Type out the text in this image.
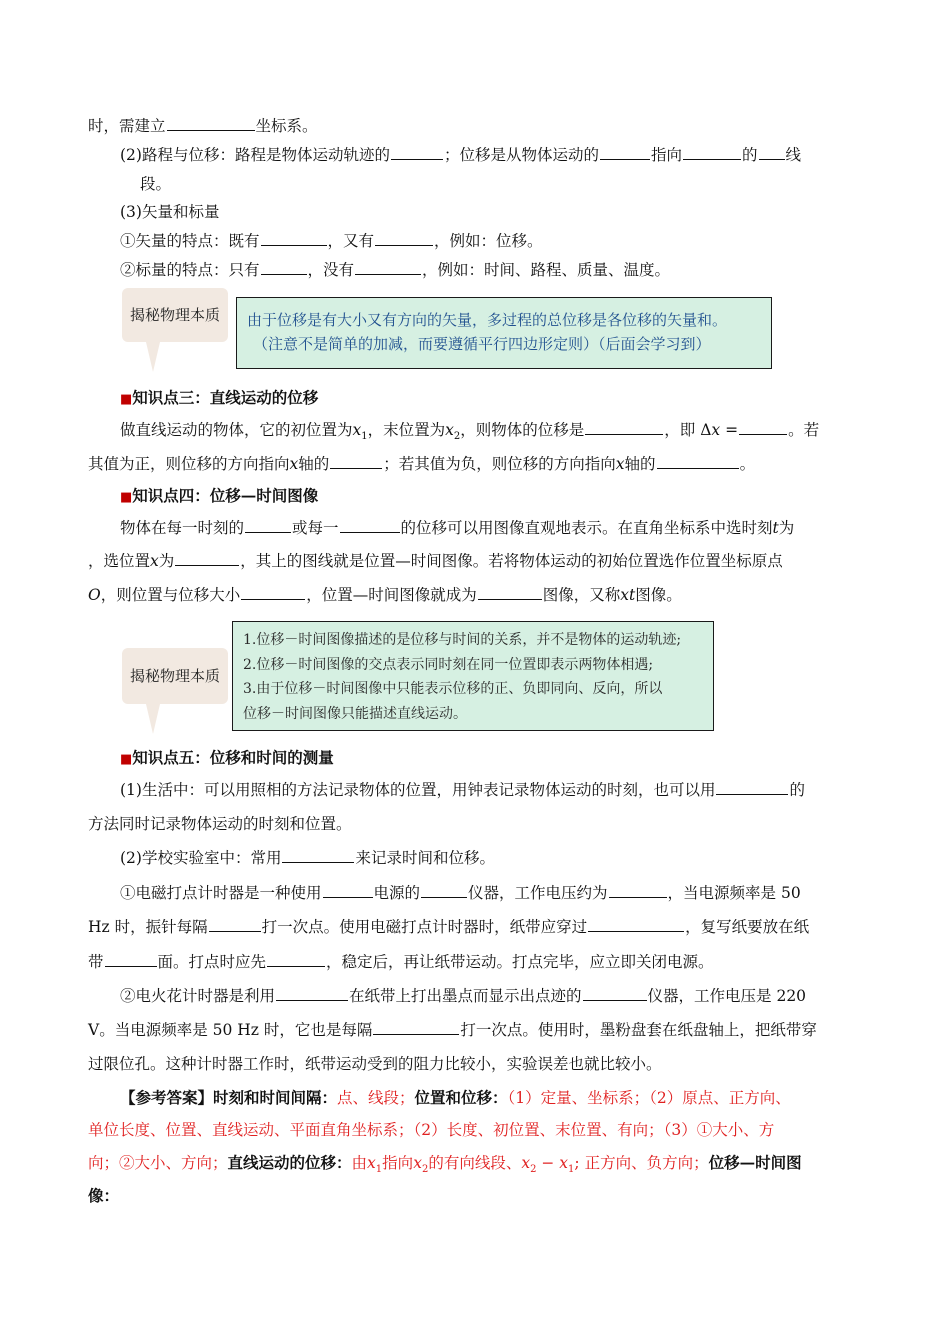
时，需建立	坐标系。
(2)路程与位移：路程是物体运动轨迹的	；位移是从物体运动的	指向	的 线
段。
(3)矢量和标量
①矢量的特点：既有	，又有	，例如：位移。
②标量的特点：只有	，没有	，例如：时间、路程、质量、温度。
揭秘物理本质	由于位移是有大小又有方向的矢量，多过程的总位移是各位移的矢量和。
（注意不是简单的加减，而要遵循平行四边形定则）（后面会学习到）
■知识点三：直线运动的位移
做直线运动的物体，它的初位置为$x_1$，末位置为$x_2$，则物体的位移是	，即 Δx =	。若
其值为正，则位移的方向指向x轴的	；若其值为负，则位移的方向指向x轴的	。
■知识点四：位移—时间图像
物体在每一时刻的	或每一	的位移可以用图像直观地表示。在直角坐标系中选时刻t为
，选位置x为	，其上的图线就是位置—时间图像。若将物体运动的初始位置选作位置坐标原点
O，则位置与位移大小	，位置—时间图像就成为	图像，又称xt图像。
揭秘物理本质
1.位移－时间图像描述的是位移与时间的关系，并不是物体的运动轨迹;
2.位移－时间图像的交点表示同时刻在同一位置即表示两物体相遇;
3.由于位移－时间图像中只能表示位移的正、负即同向、反向，所以
位移－时间图像只能描述直线运动。
■知识点五：位移和时间的测量
(1)生活中：可以用照相的方法记录物体的位置，用钟表记录物体运动的时刻，也可以用	的
方法同时记录物体运动的时刻和位置。
(2)学校实验室中：常用	来记录时间和位移。
①电磁打点计时器是一种使用	电源的	仪器，工作电压约为	，当电源频率是 50
Hz 时，振针每隔	打一次点。使用电磁打点计时器时，纸带应穿过	，复写纸要放在纸
带	面。打点时应先	，稳定后，再让纸带运动。打点完毕，应立即关闭电源。
②电火花计时器是利用	在纸带上打出墨点而显示出点迹的	仪器，工作电压是 220
V。当电源频率是 50 Hz 时，它也是每隔	打一次点。使用时，墨粉盘套在纸盘轴上，把纸带穿
过限位孔。这种计时器工作时，纸带运动受到的阻力比较小，实验误差也就比较小。
【参考答案】时刻和时间间隔：点、线段；位置和位移：（1）定量、坐标系；（2）原点、正方向、
单位长度、位置、直线运动、平面直角坐标系；（2）长度、初位置、末位置、有向；（3）①大小、方
向；②大小、方向；直线运动的位移：由$x_1$指向$x_2$的有向线段、$x_2 - x_1$; 正方向、负方向；位移—时间图
像：
